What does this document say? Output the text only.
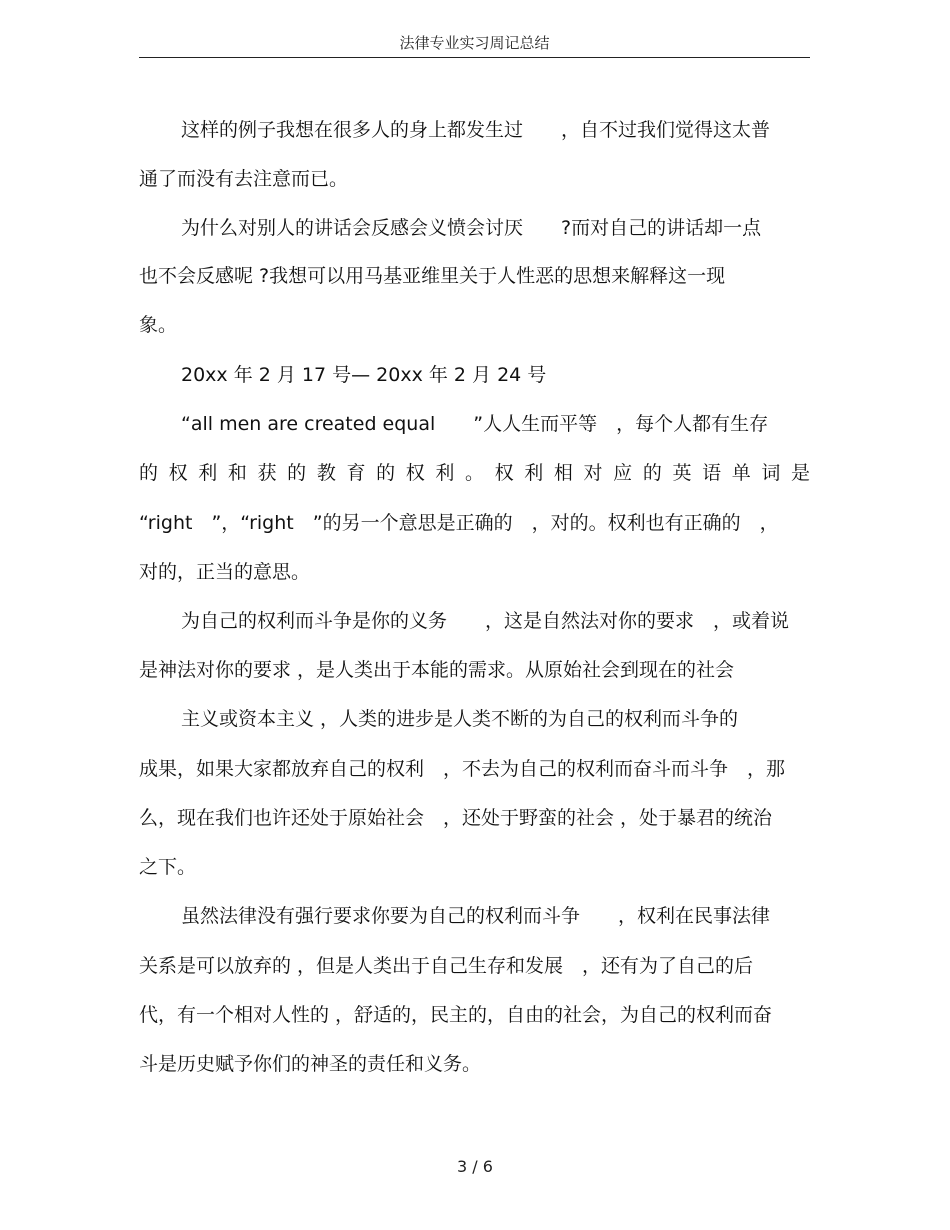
法律专业实习周记总结
这样的例子我想在很多人的身上都发生过　　，自不过我们觉得这太普
通了而没有去注意而已。
为什么对别人的讲话会反感会义愤会讨厌　　?而对自己的讲话却一点
也不会反感呢 ?我想可以用马基亚维里关于人性恶的思想来解释这一现
象。
20xx 年 2 月 17 号— 20xx 年 2 月 24 号
“all men are created equal　　”人人生而平等　，每个人都有生存
的 权 利 和 获 的 教 育 的 权 利 。 权 利 相 对 应 的 英 语 单 词 是
“right　”，“right　”的另一个意思是正确的　，对的。权利也有正确的　，
对的，正当的意思。
为自己的权利而斗争是你的义务　　，这是自然法对你的要求　，或着说
是神法对你的要求 ，是人类出于本能的需求。从原始社会到现在的社会
主义或资本主义 ，人类的进步是人类不断的为自己的权利而斗争的
成果，如果大家都放弃自己的权利　，不去为自己的权利而奋斗而斗争　，那
么，现在我们也许还处于原始社会　，还处于野蛮的社会 ，处于暴君的统治
之下。
虽然法律没有强行要求你要为自己的权利而斗争　　，权利在民事法律
关系是可以放弃的 ，但是人类出于自己生存和发展　，还有为了自己的后
代，有一个相对人性的 ，舒适的，民主的，自由的社会，为自己的权利而奋
斗是历史赋予你们的神圣的责任和义务。
3 / 6
